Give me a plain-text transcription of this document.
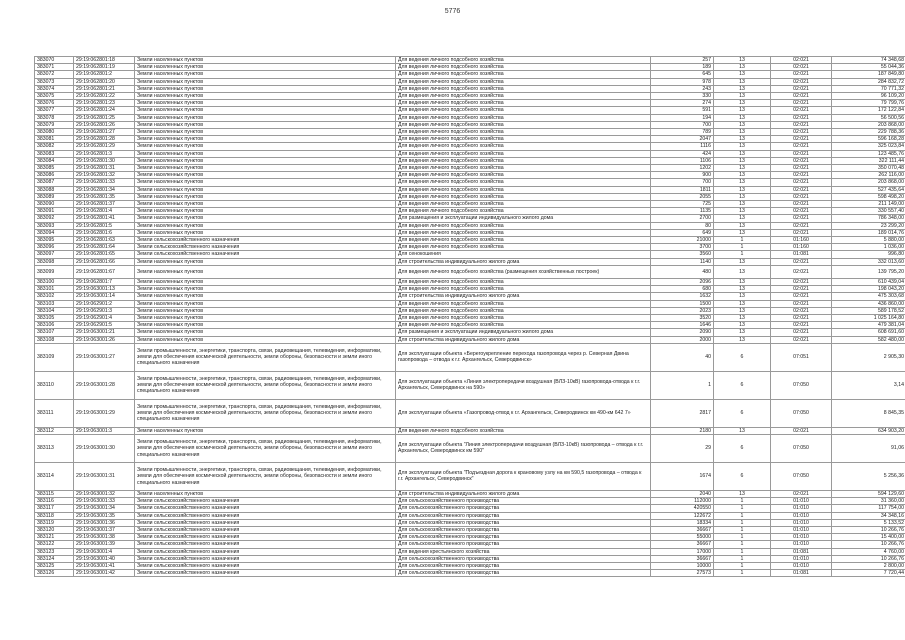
5776
383070	29:19:062801:18	Земли населенных пунктов	Для ведения личного подсобного хозяйства	257	13	02:021	74 348,68
383071	29:19:062801:19	Земли населенных пунктов	Для ведения личного подсобного хозяйства	189	13	02:021	55 044,36
383072	29:19:062801:2	Земли населенных пунктов	Для ведения личного подсобного хозяйства	645	13	02:021	187 849,80
383073	29:19:062801:20	Земли населенных пунктов	Для ведения личного подсобного хозяйства	978	13	02:021	284 832,72
383074	29:19:062801:21	Земли населенных пунктов	Для ведения личного подсобного хозяйства	243	13	02:021	70 771,32
383075	29:19:062801:22	Земли населенных пунктов	Для ведения личного подсобного хозяйства	330	13	02:021	96 109,20
383076	29:19:062801:23	Земли населенных пунктов	Для ведения личного подсобного хозяйства	274	13	02:021	79 799,76
383077	29:19:062801:24	Земли населенных пунктов	Для ведения личного подсобного хозяйства	591	13	02:021	172 122,84
383078	29:19:062801:25	Земли населенных пунктов	Для ведения личного подсобного хозяйства	194	13	02:021	56 500,56
383079	29:19:062801:26	Земли населенных пунктов	Для ведения личного подсобного хозяйства	700	13	02:021	203 868,00
383080	29:19:062801:27	Земли населенных пунктов	Для ведения личного подсобного хозяйства	789	13	02:021	229 788,36
383081	29:19:062801:28	Земли населенных пунктов	Для ведения личного подсобного хозяйства	2047	13	02:021	596 168,28
383082	29:19:062801:29	Земли населенных пунктов	Для ведения личного подсобного хозяйства	1116	13	02:021	325 023,84
383083	29:19:062801:3	Земли населенных пунктов	Для ведения личного подсобного хозяйства	424	13	02:021	123 485,76
383084	29:19:062801:30	Земли населенных пунктов	Для ведения личного подсобного хозяйства	1106	13	02:021	322 111,44
383085	29:19:062801:31	Земли населенных пунктов	Для ведения личного подсобного хозяйства	1202	13	02:021	350 070,48
383086	29:19:062801:32	Земли населенных пунктов	Для ведения личного подсобного хозяйства	900	13	02:021	262 116,00
383087	29:19:062801:33	Земли населенных пунктов	Для ведения личного подсобного хозяйства	700	13	02:021	203 868,00
383088	29:19:062801:34	Земли населенных пунктов	Для ведения личного подсобного хозяйства	1811	13	02:021	527 435,64
383089	29:19:062801:35	Земли населенных пунктов	Для ведения личного подсобного хозяйства	2055	13	02:021	598 498,20
383090	29:19:062801:37	Земли населенных пунктов	Для ведения личного подсобного хозяйства	725	13	02:021	211 149,00
383091	29:19:062801:4	Земли населенных пунктов	Для ведения личного подсобного хозяйства	1135	13	02:021	330 557,40
383092	29:19:062801:41	Земли населенных пунктов	Для размещения и эксплуатации индивидуального жилого дома	2700	13	02:021	786 348,00
383093	29:19:062801:5	Земли населенных пунктов	Для ведения личного подсобного хозяйства	80	13	02:021	23 299,20
383094	29:19:062801:6	Земли населенных пунктов	Для ведения личного подсобного хозяйства	649	13	02:021	189 014,76
383095	29:19:062801:63	Земли сельскохозяйственного назначения	Для ведения личного подсобного хозяйства	21000	1	01:160	5 880,00
383096	29:19:062801:64	Земли сельскохозяйственного назначения	Для ведения личного подсобного хозяйства	3700	1	01:160	1 036,00
383097	29:19:062801:65	Земли сельскохозяйственного назначения	Для сенокошения	3560	1	01:081	996,80
383098	29:19:062801:66	Земли населенных пунктов	Для строительства индивидуального жилого дома	1140	13	02:021	332 013,60
383099	29:19:062801:67	Земли населенных пунктов	Для ведения личного подсобного хозяйства (размещения хозяйственных построек)	480	13	02:021	139 795,20
383100	29:19:062801:7	Земли населенных пунктов	Для ведения личного подсобного хозяйства	2096	13	02:021	610 439,04
383101	29:19:063001:13	Земли населенных пунктов	Для ведения личного подсобного хозяйства	680	13	02:021	198 043,20
383102	29:19:063001:14	Земли населенных пунктов	Для строительства индивидуального жилого дома	1632	13	02:021	475 303,68
383103	29:19:062901:2	Земли населенных пунктов	Для ведения личного подсобного хозяйства	1500	13	02:021	436 860,00
383104	29:19:062901:3	Земли населенных пунктов	Для ведения личного подсобного хозяйства	2023	13	02:021	589 178,52
383105	29:19:062901:4	Земли населенных пунктов	Для ведения личного подсобного хозяйства	3520	13	02:021	1 025 164,80
383106	29:19:062901:5	Земли населенных пунктов	Для ведения личного подсобного хозяйства	1646	13	02:021	479 381,04
383107	29:19:063001:21	Земли населенных пунктов	Для размещения и эксплуатации индивидуального жилого дома	2090	13	02:021	608 691,60
383108	29:19:063001:26	Земли населенных пунктов	Для строительства индивидуального жилого дома	2000	13	02:021	582 480,00
383109	29:19:063001:27	Земли промышленности, энергетики, транспорта, связи, радиовещания, телевидения, информатики, земли для обеспечения космической деятельности, земли обороны, безопасности и земли иного специального назначения	Для эксплуатации объекта «Берегоукрепление перехода газопровода через р. Северная Двина газопровода – отвода к г.г. Архангельск, Северодвинск»	40	6	07:051	2 905,30
383110	29:19:063001:28	Земли промышленности, энергетики, транспорта, связи, радиовещания, телевидения, информатики, земли для обеспечения космической деятельности, земли обороны, безопасности и земли иного специального назначения	Для эксплуатации объекта «Линия электропередачи воздушная (ВЛЗ-10кВ) газопровода-отвода к г.г. Архангельск, Северодвинск на 590»	1	6	07:050	3,14
383111	29:19:063001:29	Земли промышленности, энергетики, транспорта, связи, радиовещания, телевидения, информатики, земли для обеспечения космической деятельности, земли обороны, безопасности и земли иного специального назначения	Для эксплуатации объекта «Газопровод-отвод к г.г. Архангельск, Северодвинск км 490-км 642 7»	2817	6	07:050	8 845,35
383112	29:19:063001:3	Земли населенных пунктов	Для ведения личного подсобного хозяйства	2180	13	02:021	634 903,20
383113	29:19:063001:30	Земли промышленности, энергетики, транспорта, связи, радиовещания, телевидения, информатики, земли для обеспечения космической деятельности, земли обороны, безопасности и земли иного специального назначения	Для эксплуатации объекта "Линия электропередачи воздушная (ВЛЗ-10кВ) газопровода – отвода к г.г. Архангельск, Северодвинск км 590"	29	6	07:050	91,06
383114	29:19:063001:31	Земли промышленности, энергетики, транспорта, связи, радиовещания, телевидения, информатики, земли для обеспечения космической деятельности, земли обороны, безопасности и земли иного специального назначения	Для эксплуатации объекта "Подъездная дорога к крановому узлу на км 590,5 газопровода – отвода к г.г. Архангельск, Северодвинск"	1674	6	07:050	5 256,36
383115	29:19:063001:32	Земли населенных пунктов	Для строительства индивидуального жилого дома	2040	13	02:021	594 129,60
383116	29:19:063001:33	Земли сельскохозяйственного назначения	Для сельскохозяйственного производства	112000	1	01:010	31 360,00
383117	29:19:063001:34	Земли сельскохозяйственного назначения	Для сельскохозяйственного производства	420550	1	01:010	117 754,00
383118	29:19:063001:35	Земли сельскохозяйственного назначения	Для сельскохозяйственного производства	122672	1	01:010	34 348,16
383119	29:19:063001:36	Земли сельскохозяйственного назначения	Для сельскохозяйственного производства	18334	1	01:010	5 133,52
383120	29:19:063001:37	Земли сельскохозяйственного назначения	Для сельскохозяйственного производства	36667	1	01:010	10 266,76
383121	29:19:063001:38	Земли сельскохозяйственного назначения	Для сельскохозяйственного производства	55000	1	01:010	15 400,00
383122	29:19:063001:39	Земли сельскохозяйственного назначения	Для сельскохозяйственного производства	36667	1	01:010	10 266,76
383123	29:19:063001:4	Земли сельскохозяйственного назначения	Для ведения крестьянского хозяйства	17000	1	01:081	4 760,00
383124	29:19:063001:40	Земли сельскохозяйственного назначения	Для сельскохозяйственного производства	36667	1	01:010	10 266,76
383125	29:19:063001:41	Земли сельскохозяйственного назначения	Для сельскохозяйственного производства	10000	1	01:010	2 800,00
383126	29:19:063001:42	Земли сельскохозяйственного назначения	Для сельскохозяйственного производства	27573	1	01:081	7 720,44
